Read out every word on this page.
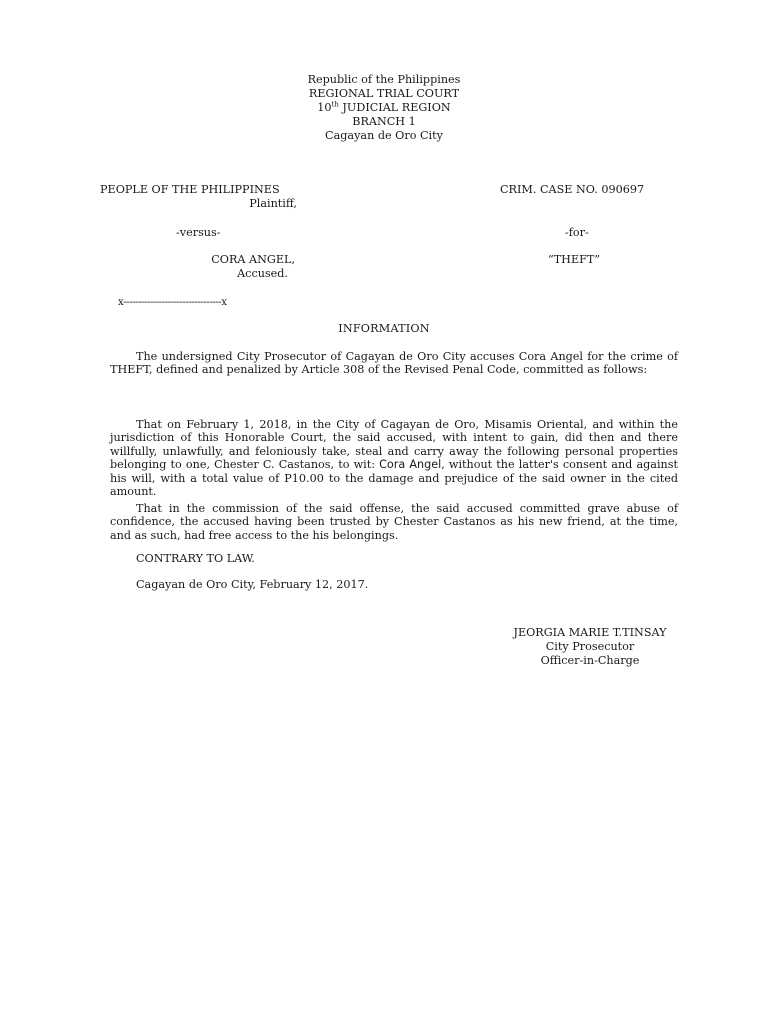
Republic of the Philippines
REGIONAL TRIAL COURT
10th JUDICIAL REGION
BRANCH 1
Cagayan de Oro City
PEOPLE OF THE PHILIPPINES
Plaintiff,
-versus-
CORA ANGEL,
Accused.
x---------------------------------x
CRIM. CASE NO. 090697
-for-
“THEFT”
INFORMATION
The undersigned City Prosecutor of Cagayan de Oro City accuses Cora Angel for the crime of THEFT, defined and penalized by Article 308 of the Revised Penal Code, committed as follows:
That on February 1, 2018, in the City of Cagayan de Oro, Misamis Oriental, and within the jurisdiction of this Honorable Court, the said accused, with intent to gain, did then and there willfully, unlawfully, and feloniously take, steal and carry away the following personal properties belonging to one, Chester C. Castanos, to wit: Cora Angel, without the latter's consent and against his will, with a total value of P10.00 to the damage and prejudice of the said owner in the cited amount.
That in the commission of the said offense, the said accused committed grave abuse of confidence, the accused having been trusted by Chester Castanos as his new friend, at the time, and as such, had free access to the his belongings.
CONTRARY TO LAW.
Cagayan de Oro City, February 12, 2017.
JEORGIA MARIE T.TINSAY
City Prosecutor
Officer-in-Charge
